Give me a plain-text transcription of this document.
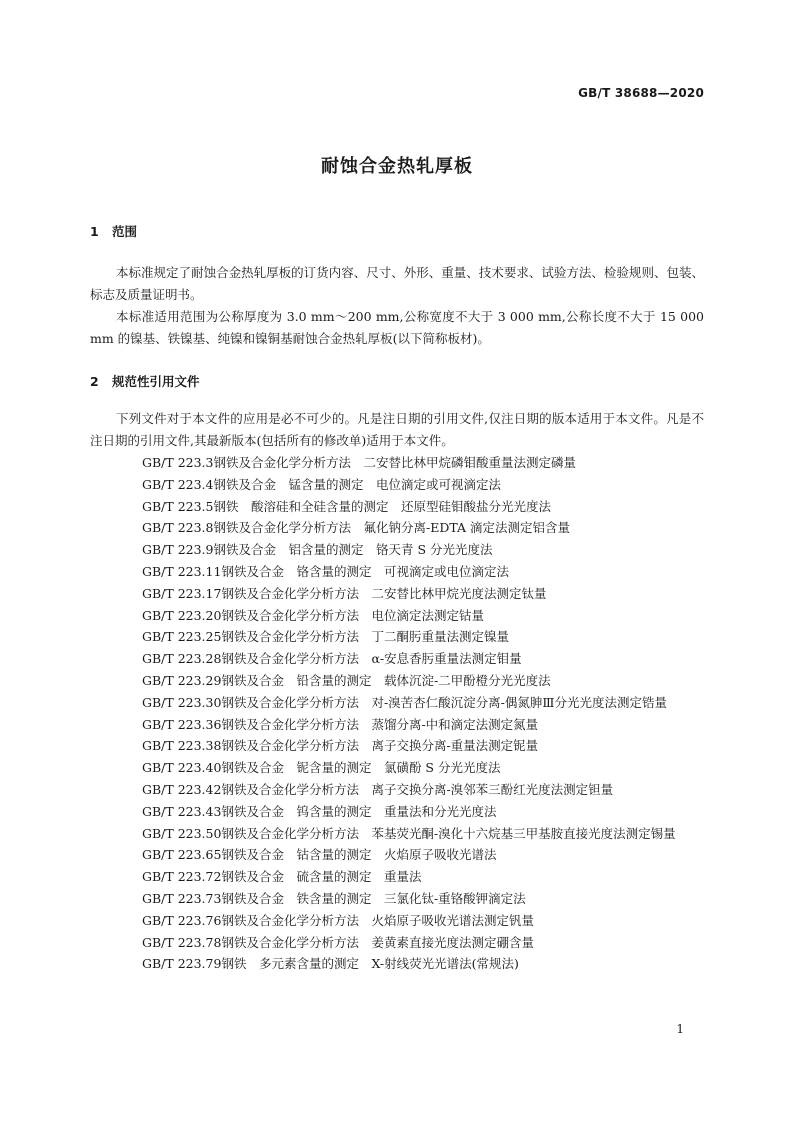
GB/T 38688—2020
耐蚀合金热轧厚板
1 范围

本标准规定了耐蚀合金热轧厚板的订货内容、尺寸、外形、重量、技术要求、试验方法、检验规则、包装、标志及质量证明书。

本标准适用范围为公称厚度为 3.0 mm～200 mm,公称宽度不大于 3 000 mm,公称长度不大于 15 000 mm 的镍基、铁镍基、纯镍和镍铜基耐蚀合金热轧厚板(以下简称板材)。

2 规范性引用文件

下列文件对于本文件的应用是必不可少的。凡是注日期的引用文件,仅注日期的版本适用于本文件。凡是不注日期的引用文件,其最新版本(包括所有的修改单)适用于本文件。

GB/T 223.3钢铁及合金化学分析方法　二安替比林甲烷磷钼酸重量法测定磷量
GB/T 223.4钢铁及合金　锰含量的测定　电位滴定或可视滴定法
GB/T 223.5钢铁　酸溶硅和全硅含量的测定　还原型硅钼酸盐分光光度法
GB/T 223.8钢铁及合金化学分析方法　氟化钠分离-EDTA 滴定法测定铝含量
GB/T 223.9钢铁及合金　铝含量的测定　铬天青 S 分光光度法
GB/T 223.11钢铁及合金　铬含量的测定　可视滴定或电位滴定法
GB/T 223.17钢铁及合金化学分析方法　二安替比林甲烷光度法测定钛量
GB/T 223.20钢铁及合金化学分析方法　电位滴定法测定钴量
GB/T 223.25钢铁及合金化学分析方法　丁二酮肟重量法测定镍量
GB/T 223.28钢铁及合金化学分析方法　α-安息香肟重量法测定钼量
GB/T 223.29钢铁及合金　铅含量的测定　载体沉淀-二甲酚橙分光光度法
GB/T 223.30钢铁及合金化学分析方法　对-溴苦杏仁酸沉淀分离-偶氮胂Ⅲ分光光度法测定锆量
GB/T 223.36钢铁及合金化学分析方法　蒸馏分离-中和滴定法测定氮量
GB/T 223.38钢铁及合金化学分析方法　离子交换分离-重量法测定铌量
GB/T 223.40钢铁及合金　铌含量的测定　氯磺酚 S 分光光度法
GB/T 223.42钢铁及合金化学分析方法　离子交换分离-溴邻苯三酚红光度法测定钽量
GB/T 223.43钢铁及合金　钨含量的测定　重量法和分光光度法
GB/T 223.50钢铁及合金化学分析方法　苯基荧光酮-溴化十六烷基三甲基胺直接光度法测定锡量
GB/T 223.65钢铁及合金　钴含量的测定　火焰原子吸收光谱法
GB/T 223.72钢铁及合金　硫含量的测定　重量法
GB/T 223.73钢铁及合金　铁含量的测定　三氯化钛-重铬酸钾滴定法
GB/T 223.76钢铁及合金化学分析方法　火焰原子吸收光谱法测定钒量
GB/T 223.78钢铁及合金化学分析方法　姜黄素直接光度法测定硼含量
GB/T 223.79钢铁　多元素含量的测定　X-射线荧光光谱法(常规法)
1
